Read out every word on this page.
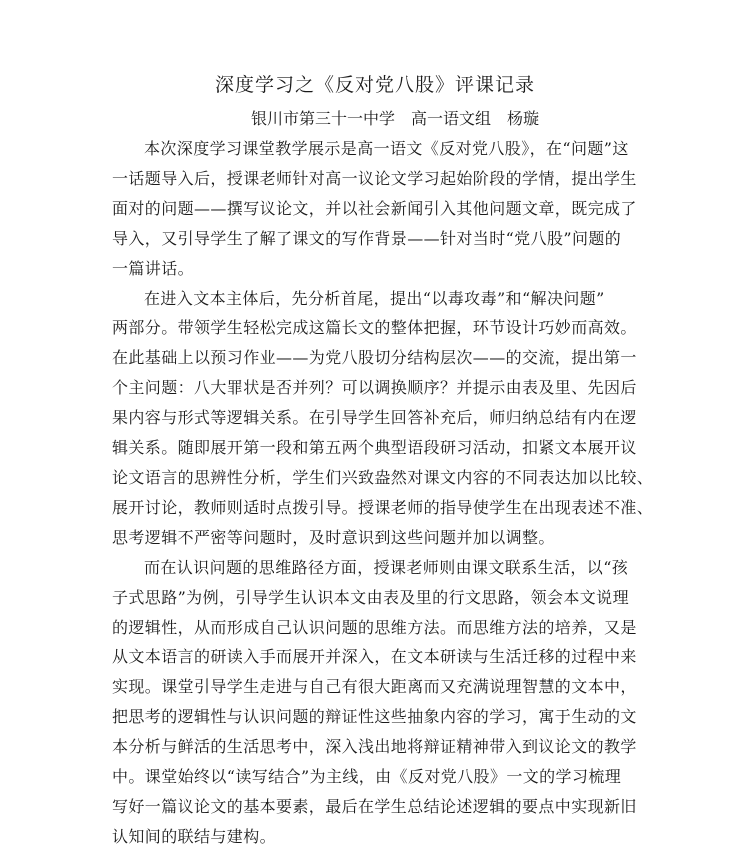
深度学习之《反对党八股》评课记录
银川市第三十一中学　高一语文组　杨璇

本次深度学习课堂教学展示是高一语文《反对党八股》，在“问题”这
一话题导入后，授课老师针对高一议论文学习起始阶段的学情，提出学生
面对的问题——撰写议论文，并以社会新闻引入其他问题文章，既完成了
导入，又引导学生了解了课文的写作背景——针对当时“党八股”问题的
一篇讲话。

在进入文本主体后，先分析首尾，提出“以毒攻毒”和“解决问题”
两部分。带领学生轻松完成这篇长文的整体把握，环节设计巧妙而高效。
在此基础上以预习作业——为党八股切分结构层次——的交流，提出第一
个主问题：八大罪状是否并列？可以调换顺序？并提示由表及里、先因后
果内容与形式等逻辑关系。在引导学生回答补充后，师归纳总结有内在逻
辑关系。随即展开第一段和第五两个典型语段研习活动，扣紧文本展开议
论文语言的思辨性分析，学生们兴致盎然对课文内容的不同表达加以比较、
展开讨论，教师则适时点拨引导。授课老师的指导使学生在出现表述不准、
思考逻辑不严密等问题时，及时意识到这些问题并加以调整。

而在认识问题的思维路径方面，授课老师则由课文联系生活，以“孩
子式思路”为例，引导学生认识本文由表及里的行文思路，领会本文说理
的逻辑性，从而形成自己认识问题的思维方法。而思维方法的培养，又是
从文本语言的研读入手而展开并深入，在文本研读与生活迁移的过程中来
实现。课堂引导学生走进与自己有很大距离而又充满说理智慧的文本中，
把思考的逻辑性与认识问题的辩证性这些抽象内容的学习，寓于生动的文
本分析与鲜活的生活思考中，深入浅出地将辩证精神带入到议论文的教学
中。课堂始终以“读写结合”为主线，由《反对党八股》一文的学习梳理
写好一篇议论文的基本要素，最后在学生总结论述逻辑的要点中实现新旧
认知间的联结与建构。
